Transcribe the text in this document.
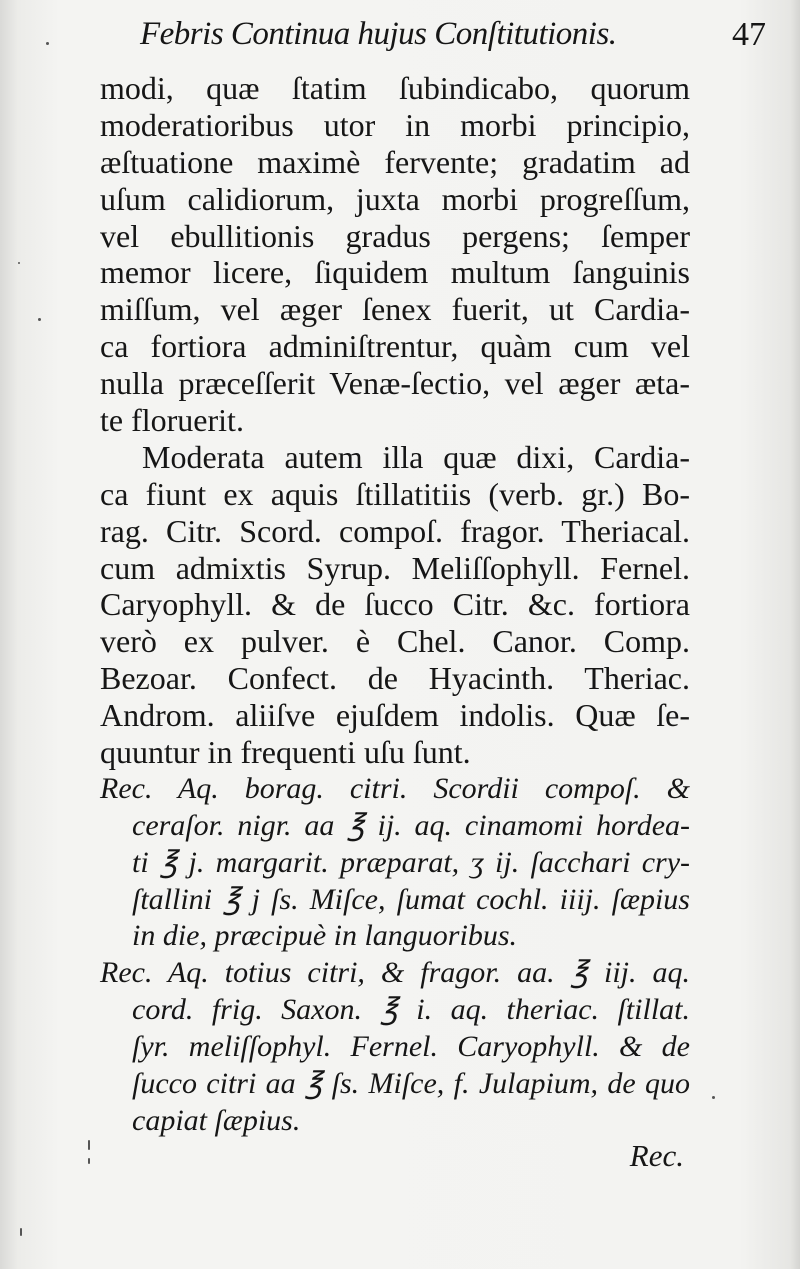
Febris Continua hujus Conſtitutionis.	47
modi, quæ ſtatim ſubindicabo, quorum
moderatioribus utor in morbi principio,
æſtuatione maximè fervente; gradatim ad
uſum calidiorum, juxta morbi progreſſum,
vel ebullitionis gradus pergens; ſemper
memor licere, ſiquidem multum ſanguinis
miſſum, vel æger ſenex fuerit, ut Cardia-
ca fortiora adminiſtrentur, quàm cum vel
nulla præceſſerit Venæ-ſectio, vel æger æta-
te floruerit.
Moderata autem illa quæ dixi, Cardia-
ca fiunt ex aquis ſtillatitiis (verb. gr.) Bo-
rag. Citr. Scord. compoſ. fragor. Theriacal.
cum admixtis Syrup. Meliſſophyll. Fernel.
Caryophyll. & de ſucco Citr. &c. fortiora
verò ex pulver. è Chel. Canor. Comp.
Bezoar. Confect. de Hyacinth. Theriac.
Androm. aliiſve ejuſdem indolis. Quæ ſe-
quuntur in frequenti uſu ſunt.
Rec. Aq. borag. citri. Scordii compoſ. &
ceraſor. nigr. aa ℥ ij. aq. cinamomi hordea-
ti ℥ j. margarit. præparat, ʒ ij. ſacchari cry-
ſtallini ℥ j ſs. Miſce, ſumat cochl. iiij. ſæpius
in die, præcipuè in languoribus.
Rec. Aq. totius citri, & fragor. aa. ℥ iij. aq.
cord. frig. Saxon. ℥ i. aq. theriac. ſtillat.
ſyr. meliſſophyl. Fernel. Caryophyll. & de
ſucco citri aa ℥ ſs. Miſce, f. Julapium, de quo
capiat ſæpius.
Rec.
